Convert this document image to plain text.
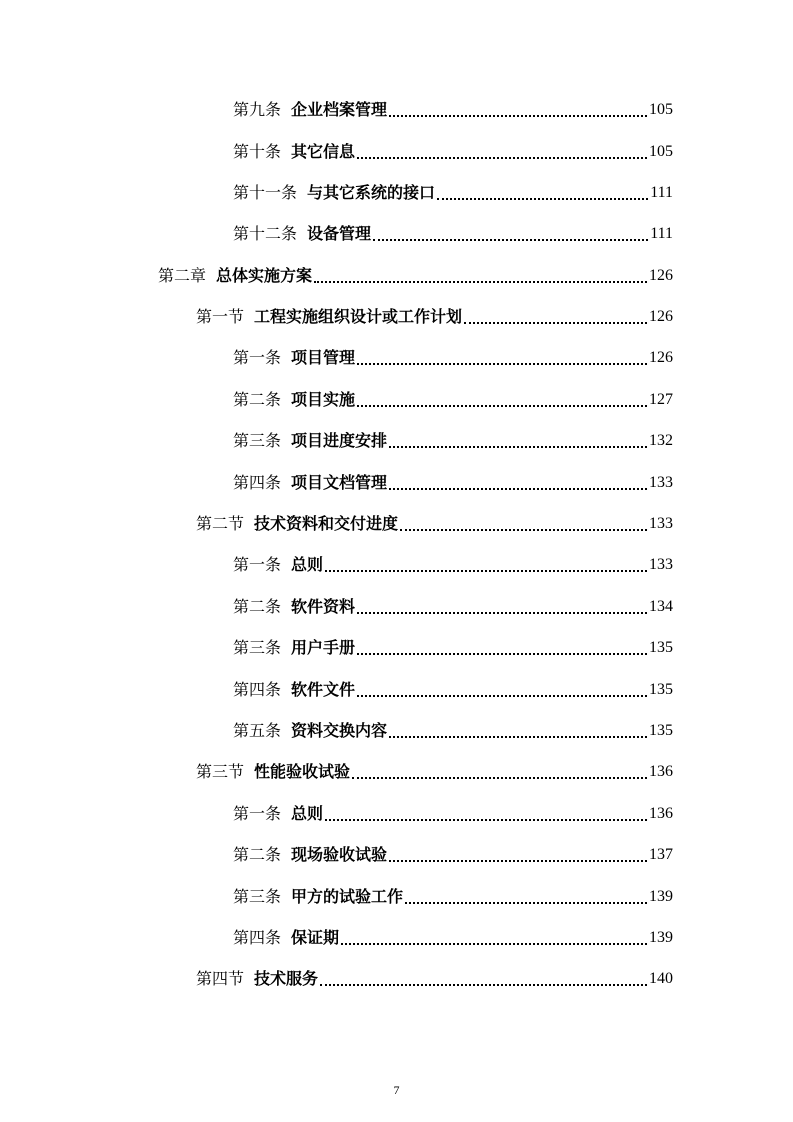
第九条 企业档案管理	105
第十条 其它信息	105
第十一条 与其它系统的接口	111
第十二条 设备管理	111
第二章 总体实施方案	126
第一节 工程实施组织设计或工作计划	126
第一条 项目管理	126
第二条 项目实施	127
第三条 项目进度安排	132
第四条 项目文档管理	133
第二节 技术资料和交付进度	133
第一条 总则	133
第二条 软件资料	134
第三条 用户手册	135
第四条 软件文件	135
第五条 资料交换内容	135
第三节 性能验收试验	136
第一条 总则	136
第二条 现场验收试验	137
第三条 甲方的试验工作	139
第四条 保证期	139
第四节 技术服务	140
7
